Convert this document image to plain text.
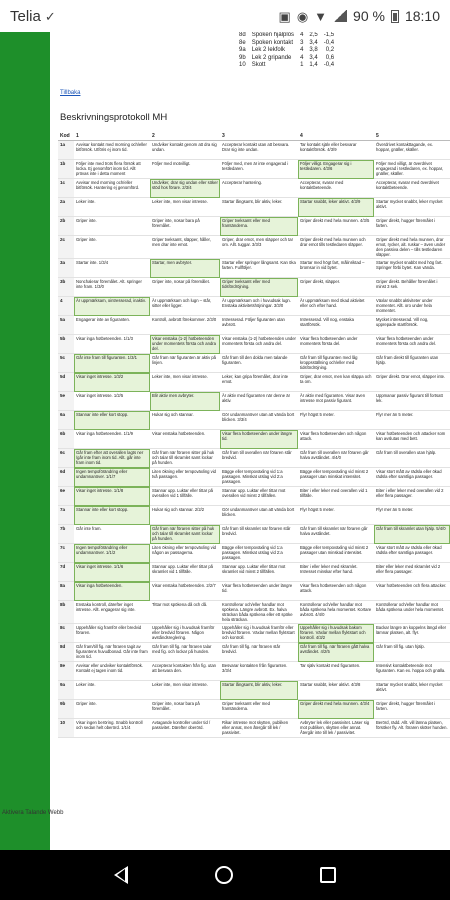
Telia ✓	▣ ◉ ▼ 90 % 18:10
8d	Spoken hjälplös	4	2,5	-1,5
8e	Spoken kontakt	3	3,4	-0,4
9a	Lek 2 lekfolk	4	3,8	0,2
9b	Lek 2 gripande	4	3,4	0,6
10	Skott	1	1,4	-0,4
Tillbaka
Beskrivningsprotokoll MH
Kod	1	2	3	4	5
1a	Avvisar kontakt med morning och/eller bitförsök. Utföris ej inom tid.	Undviker kontakt genom att dra sig undan.	Accepterar kontakt utan att besvara. Drar sig inte undan.	Tar kontakt själv eller besvarar kontaktförsök. 4/3/9	Överdrivet kontakttagande, ex. hoppar, gnäller, skäller.
1b	Följer inte med trots flera försök att locka. Ej genomfört inom tid. Allt prövas inte i detta moment	Följer med motvilligt.	Följer med, men är inte engagerad i testledaren.	Följer villigt. Engagerar sig i testledaren. 4/3/6	Följer med villigt, är överdrivet engagerad i testledaren, ex. hoppar, gnäller, skäller.
1c	Avvisar med morning och/eller bitförsök. Hantering ej genomförd.	Undviker, drar sig undan eller söker stöd hos förare. 2/3/4	Accepterar hantering.	Accepterar, svarar med kontaktbeteende.	Accepterar, svarar med överdrivet kontaktbeteende.
2a	Leker inte.	Leker inte, men visar intresse.	Startar långsamt, blir aktiv, leker.	Startar snabbt, leker aktivt. 4/3/9	Startar mycket snabbt, leker mycket aktivt.
2b	Griper inte.	Griper inte, nosar bara på föremålet.	Griper tveksamt eller med framtänderna.	Griper direkt med hela munnen. 4/3/5	Griper direkt, hugger föremålet i farten.
2c	Griper inte.	Griper tveksamt, släpper, håller, men drar inte emot.	Griper, drar emot, men släpper och tar om. Allt. tuggar. 3/3/3	Griper direkt med hela munnen och drar emot tills testledaren släpper.	Griper direkt med hela munnen, drar emot, rycker, alt. ruskar – även under den passiva delen – tills testledaren släpper.
3a	Startar inte. 1/3/4	Startar, men avbryter.	Startar eller springer långsamt. Kan öka farten. Fullföljer.	Startar med högt fart, målinriktad – bromsar in vid bytet.	Startar mycket snabbt med hög fart. Springer förbi bytet. Kan vända.
3b	Nonchalerar föremålet. Alt. springer inte fram. 1/3/0	Griper inte, nosar på föremålet.	Griper tveksamt eller med tidsfördröjning.	Griper direkt, släpper.	Griper direkt. Behåller föremålet i minst 3 sek.
4	Är uppmärksam, ointresserad, inaktiv.	Är uppmärksam och lugn – står, sitter eller ligger.	Är uppmärksam och i huvudsak lugn. Enstaka aktivitetshöjningar. 3/3/0	Är uppmärksam med ökad aktivitet eller och efter hand.	Växlar snabbt aktiviteter under momentet. Allt. oro under hela momentet.
5a	Engagerar inte av figuranten.	Kontroll, avbrott förekommer. 2/3/0	Intresserad. Följer figuranten utan avbrott.	Intresserad. Vill nog, enstaka startförsök.	Mycket intresserad. Vill nog, upprepade startförsök.
5b	Visar inga hotbeteenden. 1/1/3	Visar enstaka (1-2) hotbeteenden under momentets första och andra del.	Visar enstaka (1-2) hotbeteenden under momentets första och andra del.	Visar flera hotbeteenden under momentets första del.	Visar flera hotbeteenden under momentets första och andra del.
5c	Går inte fram till figuranten. 1/3/1	Går fram när figuranten är aktiv på linjen.	Går fram till den dolda men talande figuranten.	Går fram till figuranten med låg kroppsställning och/eller med tidsfördröjning.	Går fram direkt till figuranten utan hjälp.
5d	Visar inget intresse. 1/3/2	Leker inte, men visar intresse.	Leker, kan gripa föremålet, drar inte emot.	Griper, drar emot, men kan släppa och ta om.	Griper direkt. Drar emot, släpper inte.
5e	Visar inget intresse. 1/2/5	Blir aktiv men avbryter.	Är aktiv med figuranten när denne är aktiv.	Är aktiv med figuranten. Visar även intresse mot passiv figurant.	Uppmanar passiv figurant till fortsatt lek.
6a	Stannar inte eller kort stopp.	Hukar sig och stannar.	Gör undanmanöver utan att vända bort blicken. 3/3/4	Flyr högst 5 meter.	Flyr mer än 5 meter.
6b	Visar inga hotbeteenden. 1/1/9	Visar enstaka hotbeteenden.	Visar flera hotbeteenden under längre tid.	Visar flera hotbeteenden och någon attack.	Visar hotbeteenden och attacker som kan avslutas med bett.
6c	Går fram efter att overallen lagts ner /går inte fram inom tid. Allt. går inte fram inom tid.	Går fram när föraren sitter på huk och talar till skramlet samt lockar på hunden.	Går fram till overallen när föraren står bredvid.	Går fram till overallen när föraren går halva avståndet. 4/4/0	Går fram till overallen utan hjälp.
6d	Ingen tempoförändring eller undamnanöver. 1/1/7	Liten ökning eller tempoväxling vid två passagen.	Bägge eller tempoväxling vid 1:a passagen. Minskat utslag vid 2:a passagen.	Bägge eller tempoväxling vid minst 2 passager utan minskat intensitet.	Visar stort mått av rädsla eller ökad rädsla efter samtliga passager.
6e	Visar inget intresse. 1/1/8	Stannar upp. Luktar eller tittar på overallen vid 1 tillfälle.	Stannar upp. Luktar eller tittar mot overallen vid minst 2 tillfällen.	Biter i eller leker med overallen vid 1 tillfälle.	Biter i eller leker med overallen vid 2 eller flera passager.
7a	Stannar inte eller kort stopp.	Hukar sig och stannar. 2/2/2	Gör undanmanöver utan att vända bort blicken.	Flyr högst 5 meter.	Flyr mer än 5 meter.
7b	Går inte fram.	Går fram när föraren sitter på huk och talar till skramlet samt lockar på hunden.	Går fram till skramlet när föraren står bredvid.	Går fram till skramlet när föraren går halva avståndet.	Går fram till skramlet utan hjälp. 5/4/0
7c	Ingen tempoförändring eller undamnanöver. 1/1/2	Liten ökning eller tempoväxling vid någon av passagerna.	Bägge eller tempoväxling vid 1:a passagen. Minskat utslag vid 2:a passagen.	Bägge eller tempoväxling vid minst 2 passager utan minskad intensitet.	Visar stort mått av rädsla eller ökad rädsla efter samtliga passager.
7d	Visar inget intresse. 1/1/6	Stannar upp. Luktar eller tittar på skramlet vid 1 tillfälle.	Stannar upp. Luktar eller tittar mot skramlet vid minst 2 tillfällen.	Biter i eller leker med skramlet. Intresset minskar efter hand.	Biter eller leker med skramlet vid 2 eller flera passager.
8a	Visar inga hotbeteenden.	Visar enstaka hotbeteenden. 2/2/7	Visar flera hotbeteenden under längre tid.	Visar flera hotbeteenden och någon attack.	Visar hotbeteenden och flera attacker.
8b	Enstaka kontroll, därefter inget intresse. Allt. engagerar sig inte.	Tittar mot spökena då och då.	Kontrollerar och/eller handlar mot spökena. Längre avbrott. Ex. halva sträckan båda spökena eller ett spöke hela sträckan.	Kontrollerar och/eller handlar mot båda spökena hela momentet. Kortare avbrott. 4/4/0	Kontrollerar och/eller handlar mot båda spökena under hela momentet.
8c	Uppehåller sig framför eller bredvid föraren.	Uppehåller sig i huvudsak framför eller bredvid föraren. Någon avståndsreglering.	Uppehåller sig i huvudsak framför eller bredvid föraren. Växlar mellan flyktstart och kontroll.	Uppehåller sig i huvudsak bakom föraren. Växlar mellan flyktstart och kontroll. 4/3/2	Backar längre än koppelns längd eller lämnar platsen, alt. flyr.
8d	Går fram/till fig. när föraren tagit av figurantens huvudbonad. Går inte fram inom tid.	Går fram till fig. när föraren talar med fig. och lockar på hunden.	Går fram till fig. när föraren står bredvid.	Går fram till fig. när föraren gått halva avståndet. 4/2/5	Går fram till fig. utan hjälp.
8e	Avvisar eller undviker kontaktförsök. Kontakt ej tagen inom tid.	Accepterar kontakten från fig. utan att besvara den.	Besvarar kontakten från figuranten. 3/3/4	Tar själv kontakt med figuranten.	Intensivt kontaktbeteende mot figuranten. Kan ex. hoppa och gnälla.
9a	Leker inte.	Leker inte, men visar intresse.	Startar långsamt, blir aktiv, leker.	Startar snabbt, leker aktivt. 4/3/8	Startar mycket snabbt, leker mycket aktivt.
9b	Griper inte.	Griper inte, nosar bara på föremålet.	Griper tveksamt eller med framtänderna.	Griper direkt med hela munnen. 4/3/4	Griper direkt, hugger föremålet i farten.
10	Visar ingen beröring. Snabb kontroll och sedan helt oberörd. 1/1/4	Avtagande kontroller under tid / passivitet. Därefter oberörd.	Rikar intresse mot skytten, publiken eller annat, men återgår till lek / passivitet.	Avbryter lek eller passivitet. Läser sig mot publiken, skytten eller annat. Återgår inte till lek / passivitet.	Berörd, rädd. Allt. vill lämna platsen, försöker fly. Alt. föraren sköter hunden.
Aktivera Talande Webb
